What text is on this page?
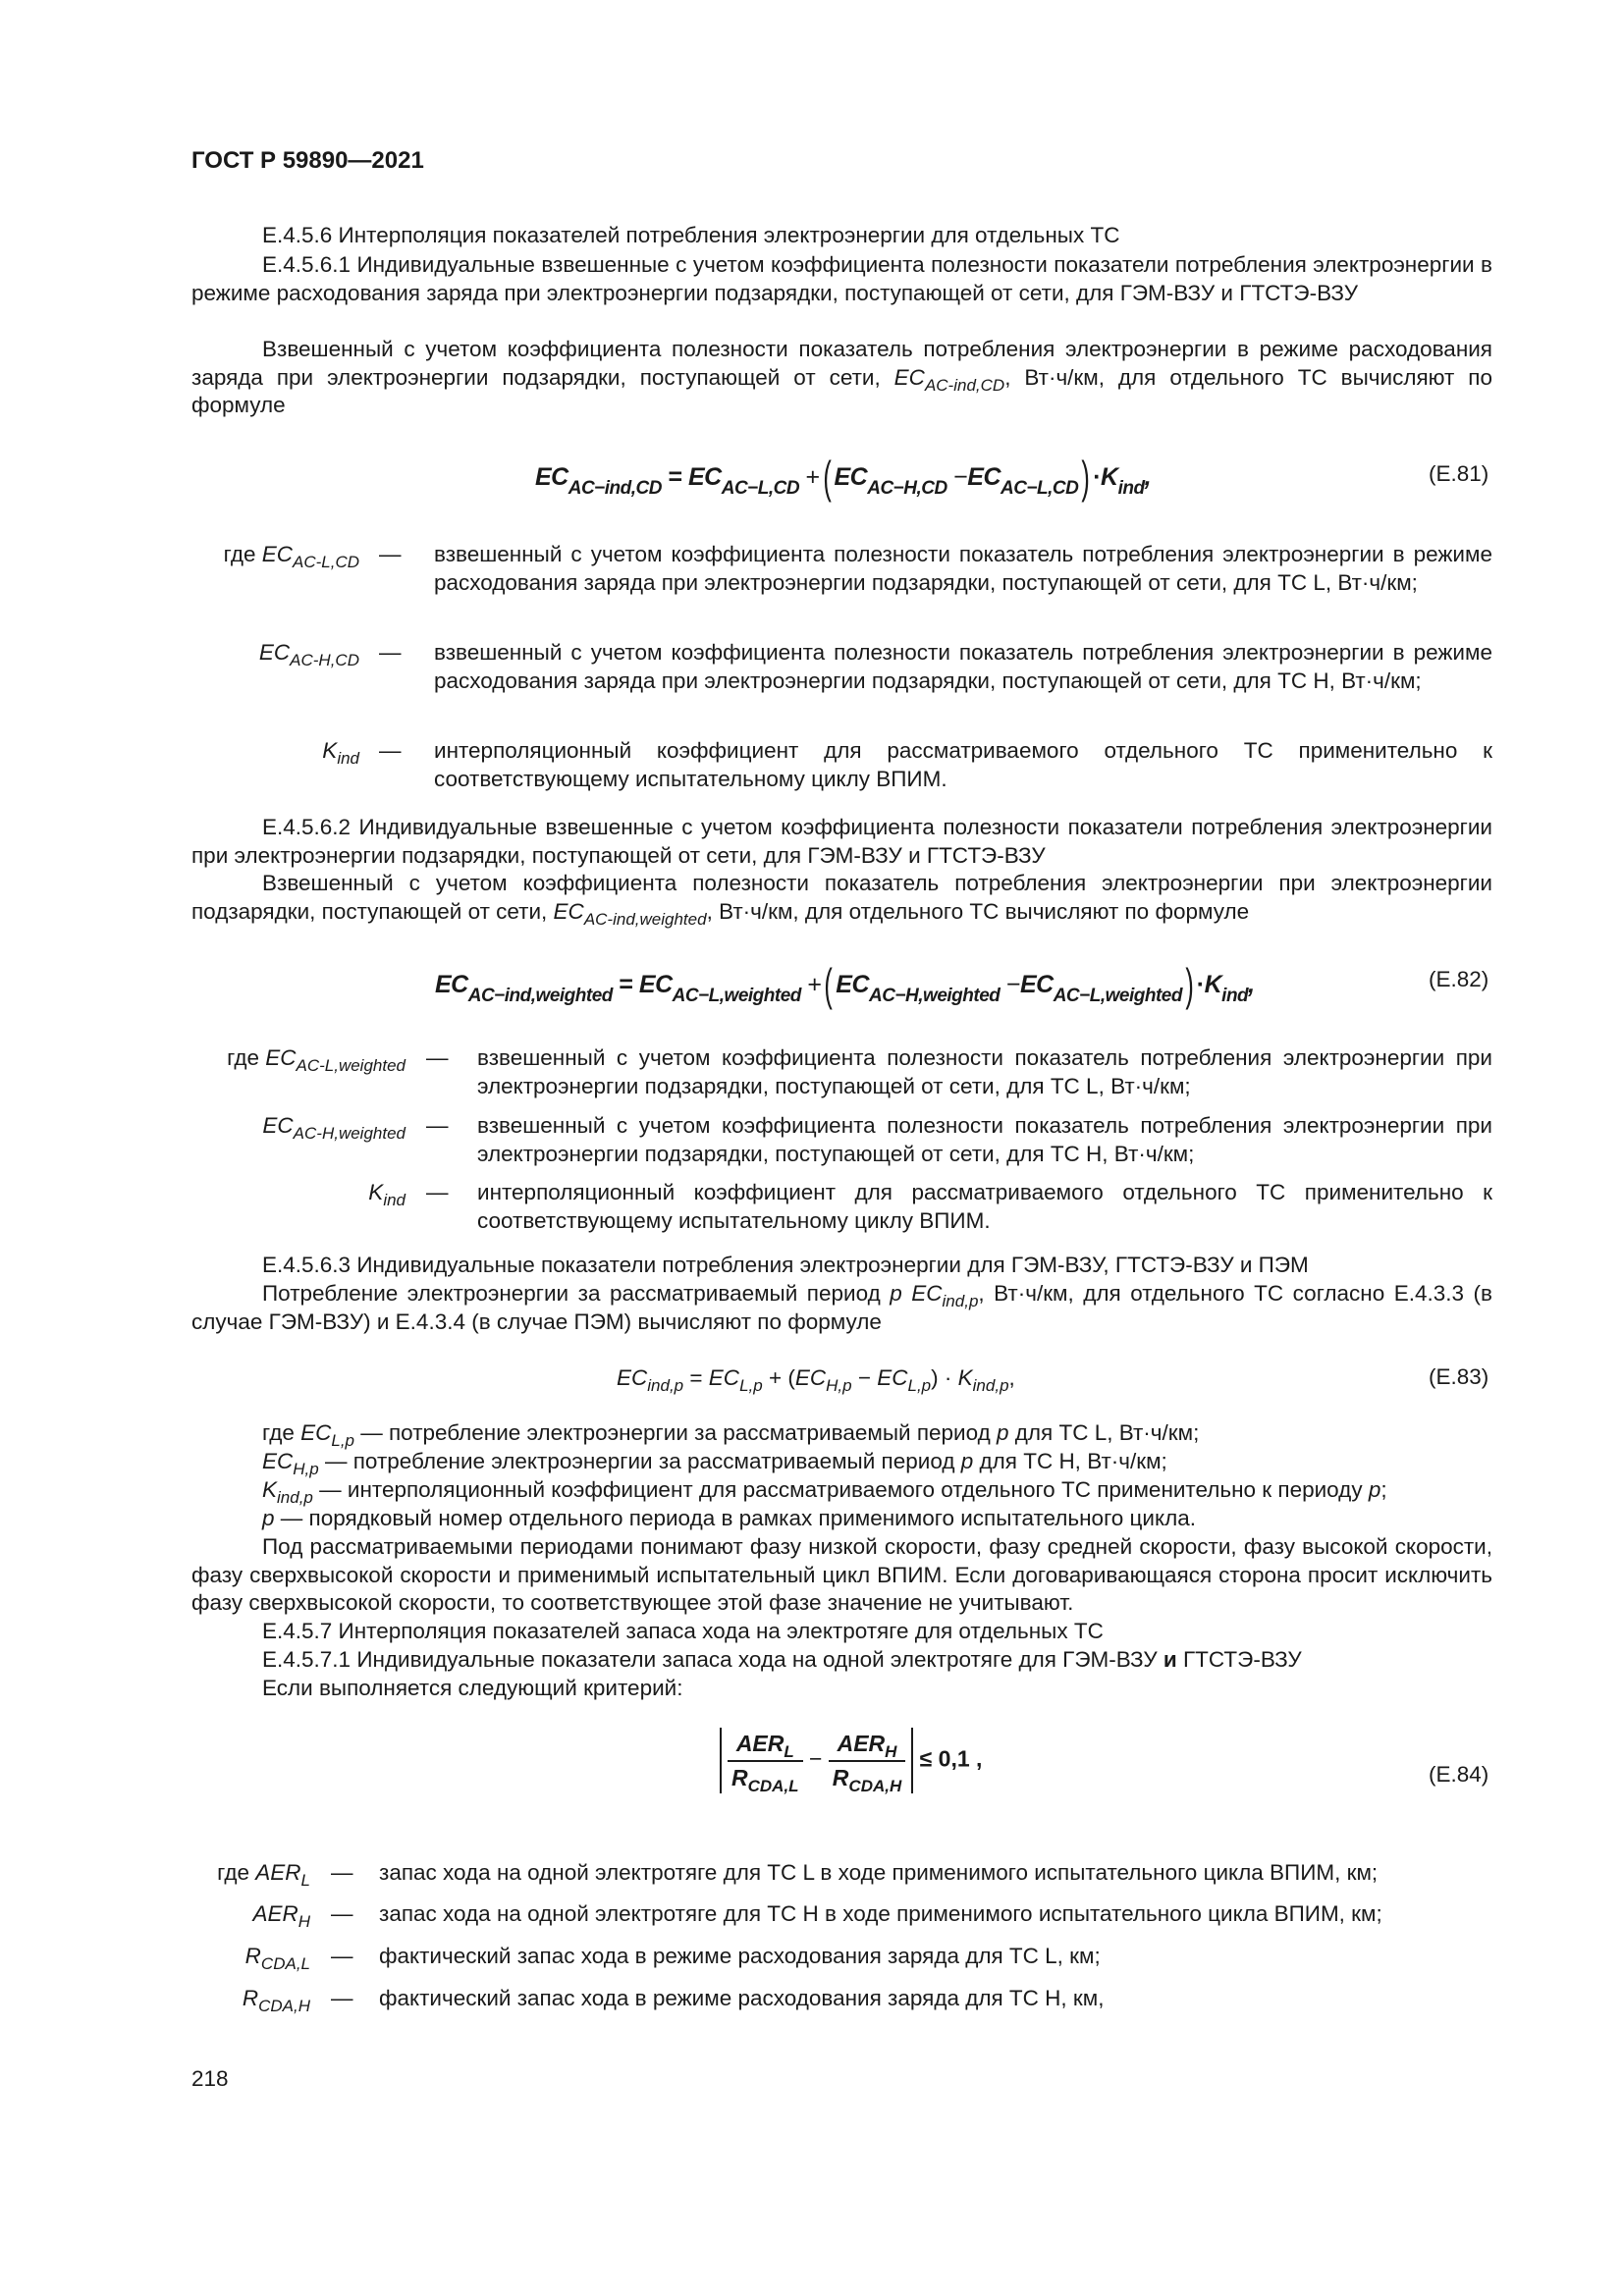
ГОСТ Р 59890—2021

Е.4.5.6 Интерполяция показателей потребления электроэнергии для отдельных ТС

Е.4.5.6.1 Индивидуальные взвешенные с учетом коэффициента полезности показатели потребления электроэнергии в режиме расходования заряда при электроэнергии подзарядки, поступающей от сети, для ГЭМ-ВЗУ и ГТСТЭ-ВЗУ

Взвешенный с учетом коэффициента полезности показатель потребления электроэнергии в режиме расходования заряда при электроэнергии подзарядки, поступающей от сети, $EC_{AC-ind,CD}$, Вт·ч/км, для отдельного ТС вычисляют по формуле

$EC_{AC-ind,CD} = EC_{AC-L,CD}$ +( $EC_{AC-H,CD} -EC_{AC-L,CD}) \cdot K_{ind}$,	(Е.81)
где $EC_{AC-L,CD}$ — взвешенный с учетом коэффициента полезности показатель потребления электроэнергии в режиме расходования заряда при электроэнергии подзарядки, поступающей от сети, для ТС L, Вт·ч/км;
$EC_{AC-H,CD}$ — взвешенный с учетом коэффициента полезности показатель потребления электроэнергии в режиме расходования заряда при электроэнергии подзарядки, поступающей от сети, для ТС Н, Вт·ч/км;
$K_{ind}$ — интерполяционный коэффициент для рассматриваемого отдельного ТС применительно к соответствующему испытательному циклу ВПИМ.

Е.4.5.6.2 Индивидуальные взвешенные с учетом коэффициента полезности показатели потребления электроэнергии при электроэнергии подзарядки, поступающей от сети, для ГЭМ-ВЗУ и ГТСТЭ-ВЗУ

Взвешенный с учетом коэффициента полезности показатель потребления электроэнергии при электроэнергии подзарядки, поступающей от сети, $EC_{AC-ind,weighted}$, Вт·ч/км, для отдельного ТС вычисляют по формуле

$EC_{AC-ind,weighted} = EC_{AC-L,weighted}$ +( $EC_{AC-H,weighted} -EC_{AC-L,weighted}) \cdot K_{ind}$,	(Е.82)
где $EC_{AC-L,weighted}$ — взвешенный с учетом коэффициента полезности показатель потребления электроэнергии при электроэнергии подзарядки, поступающей от сети, для ТС L, Вт·ч/км;
$EC_{AC-H,weighted}$ — взвешенный с учетом коэффициента полезности показатель потребления электроэнергии при электроэнергии подзарядки, поступающей от сети, для ТС Н, Вт·ч/км;
$K_{ind}$ — интерполяционный коэффициент для рассматриваемого отдельного ТС применительно к соответствующему испытательному циклу ВПИМ.

Е.4.5.6.3 Индивидуальные показатели потребления электроэнергии для ГЭМ-ВЗУ, ГТСТЭ-ВЗУ и ПЭМ

Потребление электроэнергии за рассматриваемый период p $EC_{ind,p}$, Вт·ч/км, для отдельного ТС согласно Е.4.3.3 (в случае ГЭМ-ВЗУ) и Е.4.3.4 (в случае ПЭМ) вычисляют по формуле

$EC_{ind,p} = EC_{L,p} + (EC_{H,p} - EC_{L,p}) \cdot K_{ind,p}$,	(Е.83)
где $EC_{L,p}$ — потребление электроэнергии за рассматриваемый период p для ТС L, Вт·ч/км;
$EC_{H,p}$ — потребление электроэнергии за рассматриваемый период p для ТС Н, Вт·ч/км;
$K_{ind,p}$ — интерполяционный коэффициент для рассматриваемого отдельного ТС применительно к периоду p;
p — порядковый номер отдельного периода в рамках применимого испытательного цикла.

Под рассматриваемыми периодами понимают фазу низкой скорости, фазу средней скорости, фазу высокой скорости, фазу сверхвысокой скорости и применимый испытательный цикл ВПИМ. Если договаривающаяся сторона просит исключить фазу сверхвысокой скорости, то соответствующее этой фазе значение не учитывают.

Е.4.5.7 Интерполяция показателей запаса хода на электротяге для отдельных ТС

Е.4.5.7.1 Индивидуальные показатели запаса хода на одной электротяге для ГЭМ-ВЗУ и ГТСТЭ-ВЗУ

Если выполняется следующий критерий:

$\frac{AER_L}{R_{CDA,L}} - \frac{AER_H}{R_{CDA,H}} \le 0,1$ ,
(Е.84)
где $AER_L$ — запас хода на одной электротяге для ТС L в ходе применимого испытательного цикла ВПИМ, км;
$AER_H$ — запас хода на одной электротяге для ТС Н в ходе применимого испытательного цикла ВПИМ, км;
$R_{CDA,L}$ — фактический запас хода в режиме расходования заряда для ТС L, км;
$R_{CDA,H}$ — фактический запас хода в режиме расходования заряда для ТС Н, км,
218
